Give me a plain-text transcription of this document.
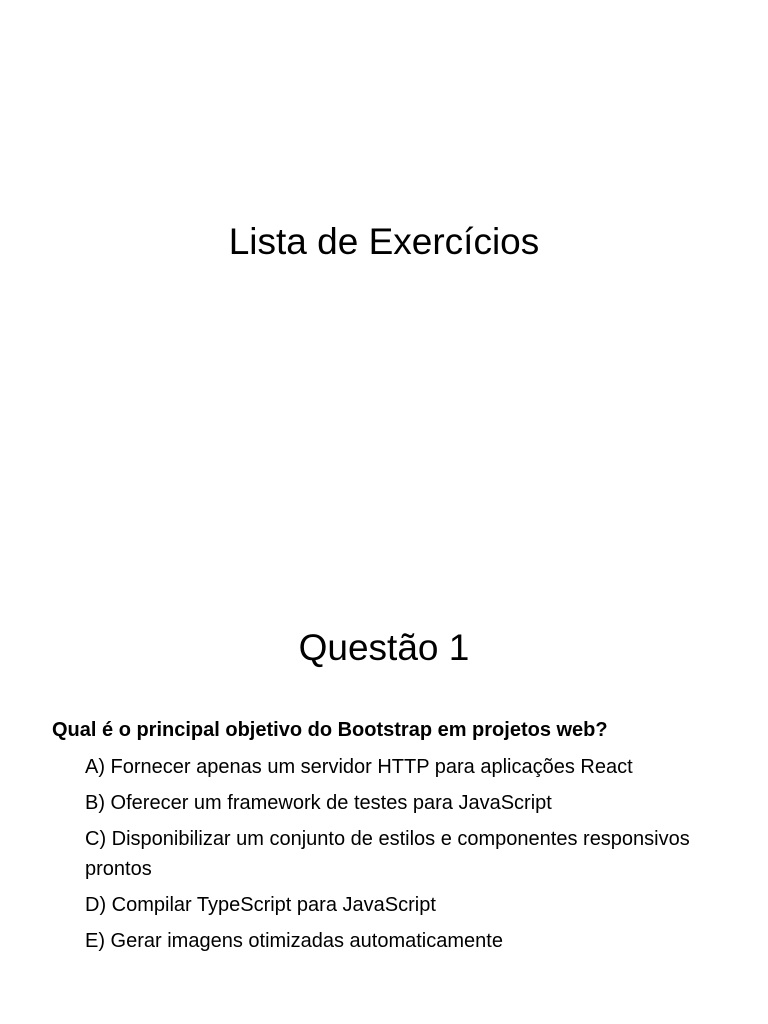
Lista de Exercícios
Questão 1
Qual é o principal objetivo do Bootstrap em projetos web?
A) Fornecer apenas um servidor HTTP para aplicações React
B) Oferecer um framework de testes para JavaScript
C) Disponibilizar um conjunto de estilos e componentes responsivos prontos
D) Compilar TypeScript para JavaScript
E) Gerar imagens otimizadas automaticamente
